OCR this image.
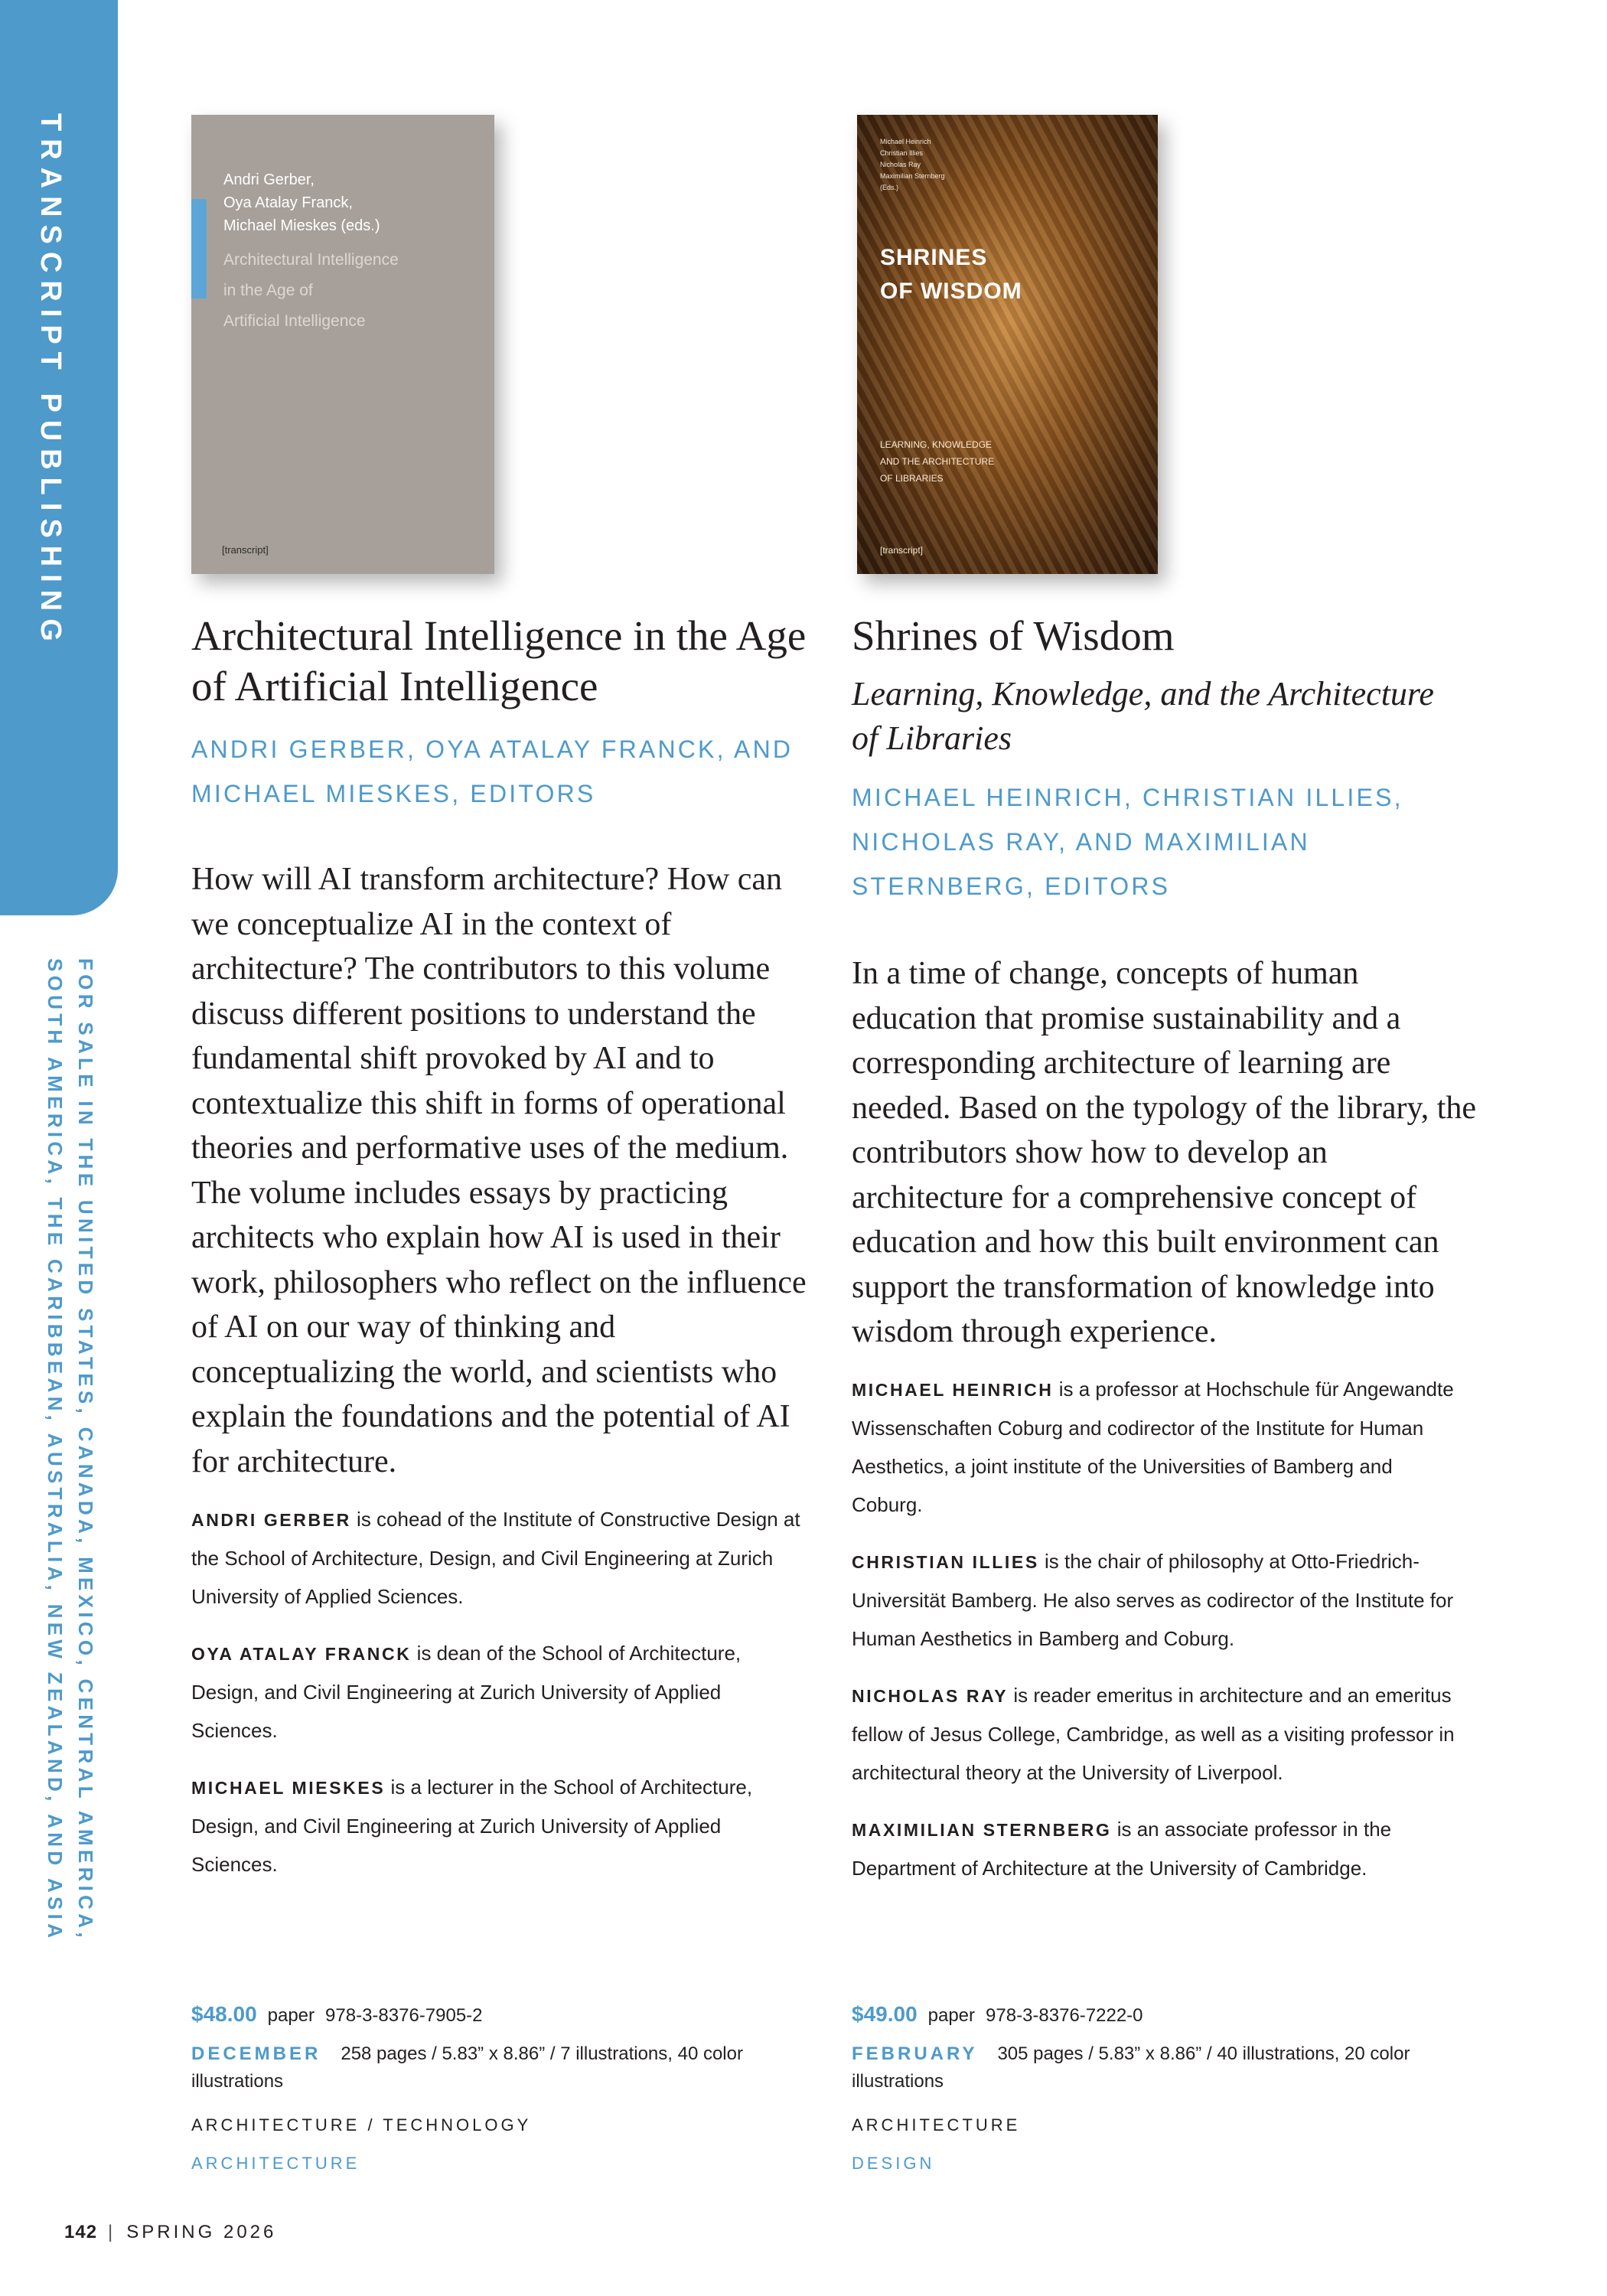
TRANSCRIPT PUBLISHING
FOR SALE IN THE UNITED STATES, CANADA, MEXICO, CENTRAL AMERICA,
SOUTH AMERICA, THE CARIBBEAN, AUSTRALIA, NEW ZEALAND, AND ASIA
Andri Gerber,
Oya Atalay Franck,
Michael Mieskes (eds.)
Architectural Intelligence
in the Age of
Artificial Intelligence
[transcript]
Architectural Intelligence in the Age of Artificial Intelligence
ANDRI GERBER, OYA ATALAY FRANCK, AND MICHAEL MIESKES, EDITORS
How will AI transform architecture? How can we conceptualize AI in the context of architecture? The contributors to this volume discuss different positions to understand the fundamental shift provoked by AI and to contextualize this shift in forms of operational theories and performative uses of the medium. The volume includes essays by practicing architects who explain how AI is used in their work, philosophers who reflect on the influence of AI on our way of thinking and conceptualizing the world, and scientists who explain the foundations and the potential of AI for architecture.
ANDRI GERBER is cohead of the Institute of Constructive Design at the School of Architecture, Design, and Civil Engineering at Zurich University of Applied Sciences.
OYA ATALAY FRANCK is dean of the School of Architecture, Design, and Civil Engineering at Zurich University of Applied Sciences.
MICHAEL MIESKES is a lecturer in the School of Architecture, Design, and Civil Engineering at Zurich University of Applied Sciences.
$48.00 paper 978-3-8376-7905-2
DECEMBER 258 pages / 5.83” x 8.86” / 7 illustrations, 40 color illustrations
ARCHITECTURE / TECHNOLOGY
ARCHITECTURE
Michael Heinrich
Christian Illies
Nicholas Ray
Maximilian Sternberg
(Eds.)
SHRINES
OF WISDOM
LEARNING, KNOWLEDGE
AND THE ARCHITECTURE
OF LIBRARIES
[transcript]
Shrines of Wisdom
Learning, Knowledge, and the Architecture of Libraries
MICHAEL HEINRICH, CHRISTIAN ILLIES, NICHOLAS RAY, AND MAXIMILIAN STERNBERG, EDITORS
In a time of change, concepts of human education that promise sustainability and a corresponding architecture of learning are needed. Based on the typology of the library, the contributors show how to develop an architecture for a comprehensive concept of education and how this built environment can support the transformation of knowledge into wisdom through experience.
MICHAEL HEINRICH is a professor at Hochschule für Angewandte Wissenschaften Coburg and codirector of the Institute for Human Aesthetics, a joint institute of the Universities of Bamberg and Coburg.
CHRISTIAN ILLIES is the chair of philosophy at Otto-Friedrich-Universität Bamberg. He also serves as codirector of the Institute for Human Aesthetics in Bamberg and Coburg.
NICHOLAS RAY is reader emeritus in architecture and an emeritus fellow of Jesus College, Cambridge, as well as a visiting professor in architectural theory at the University of Liverpool.
MAXIMILIAN STERNBERG is an associate professor in the Department of Architecture at the University of Cambridge.
$49.00 paper 978-3-8376-7222-0
FEBRUARY 305 pages / 5.83” x 8.86” / 40 illustrations, 20 color illustrations
ARCHITECTURE
DESIGN
142 | SPRING 2026
